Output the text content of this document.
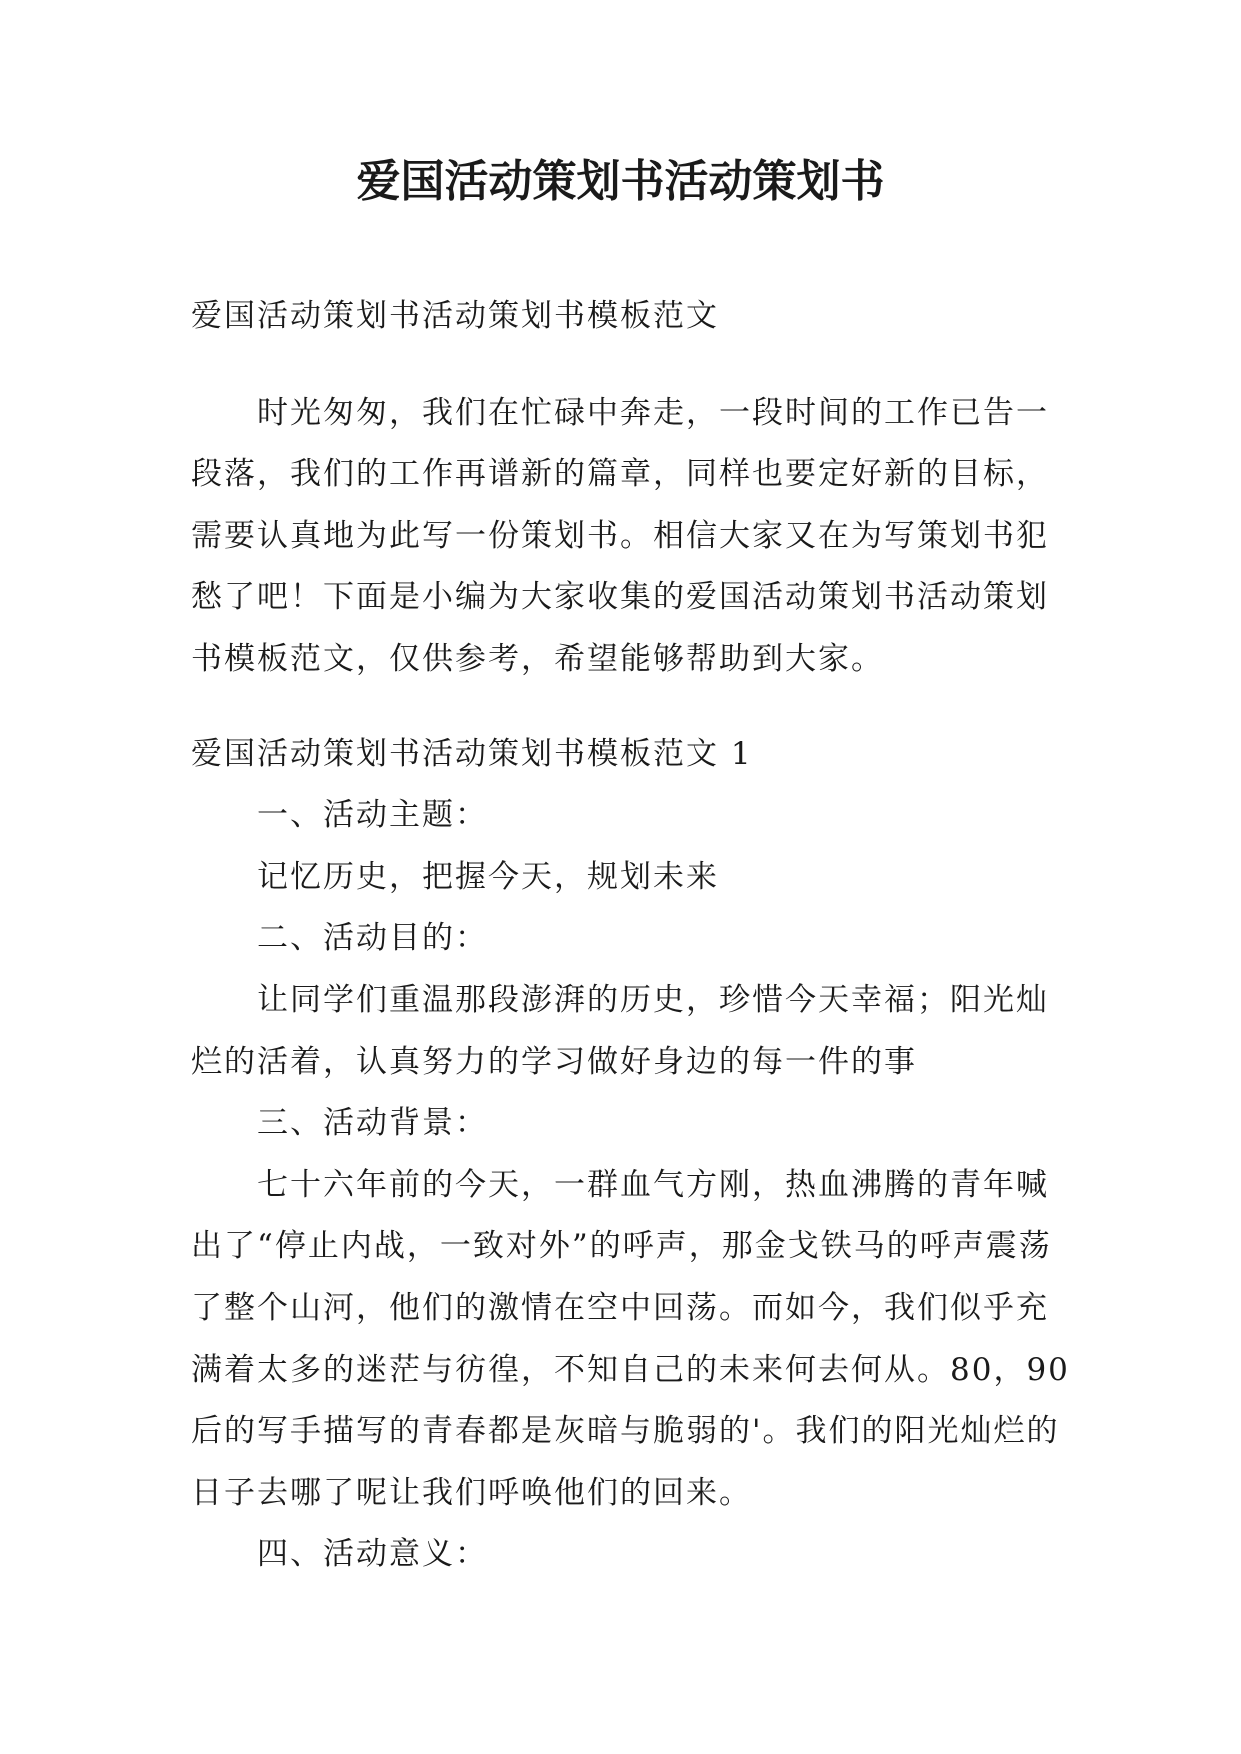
爱国活动策划书活动策划书

爱国活动策划书活动策划书模板范文

时光匆匆，我们在忙碌中奔走，一段时间的工作已告一段落，我们的工作再谱新的篇章，同样也要定好新的目标，需要认真地为此写一份策划书。相信大家又在为写策划书犯愁了吧！下面是小编为大家收集的爱国活动策划书活动策划书模板范文，仅供参考，希望能够帮助到大家。

爱国活动策划书活动策划书模板范文 1

一、活动主题：

记忆历史，把握今天，规划未来

二、活动目的：

让同学们重温那段澎湃的历史，珍惜今天幸福；阳光灿烂的活着，认真努力的学习做好身边的每一件的事

三、活动背景：

七十六年前的今天，一群血气方刚，热血沸腾的青年喊出了“停止内战，一致对外”的呼声，那金戈铁马的呼声震荡了整个山河，他们的激情在空中回荡。而如今，我们似乎充满着太多的迷茫与彷徨，不知自己的未来何去何从。80，90 后的写手描写的青春都是灰暗与脆弱的'。我们的阳光灿烂的日子去哪了呢让我们呼唤他们的回来。

四、活动意义：
